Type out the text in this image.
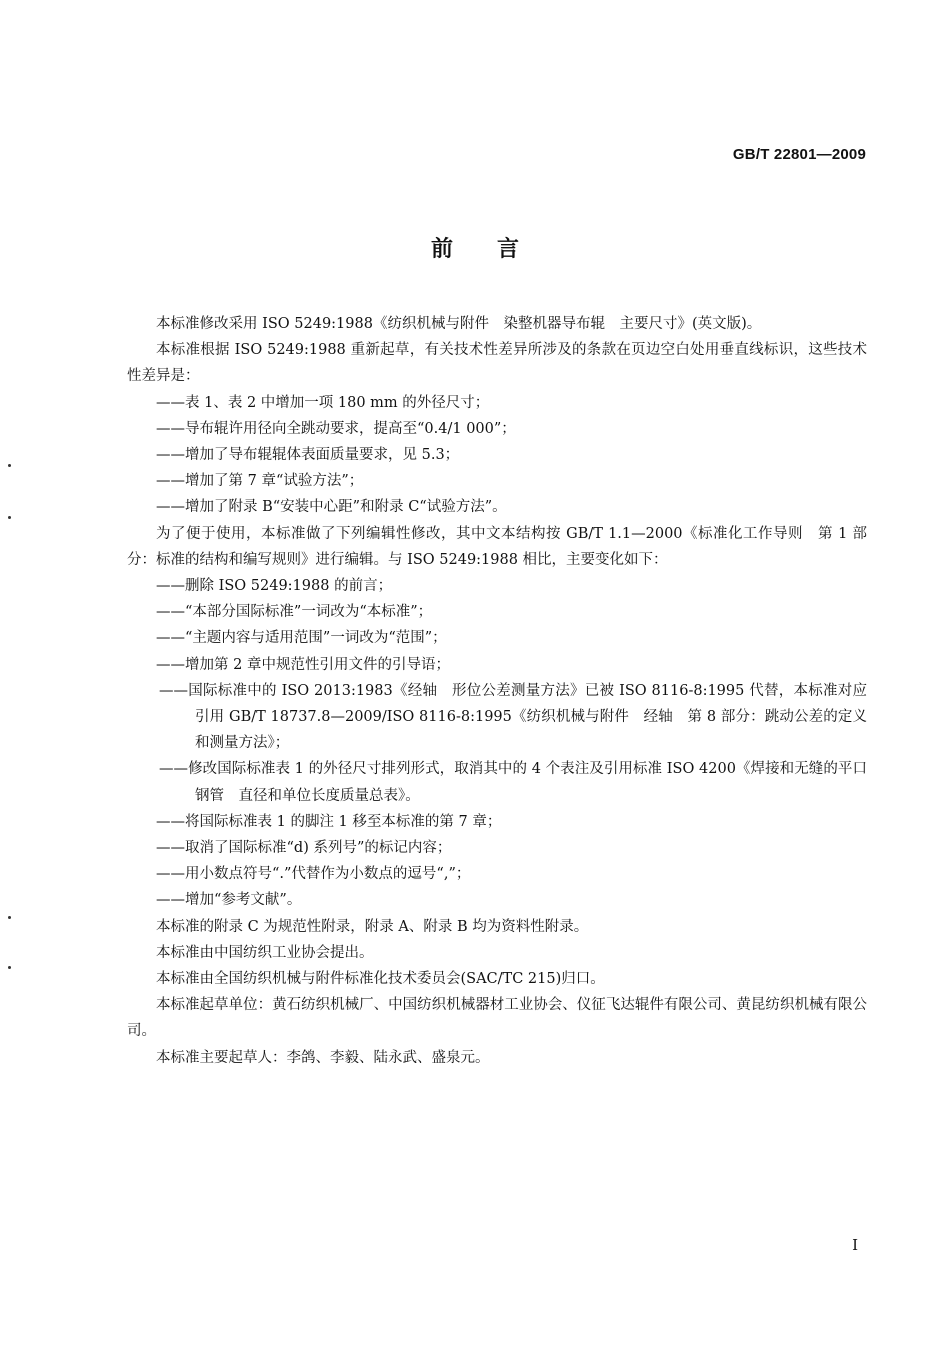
GB/T 22801—2009
前言

本标准修改采用 ISO 5249:1988《纺织机械与附件　染整机器导布辊　主要尺寸》(英文版)。

本标准根据 ISO 5249:1988 重新起草，有关技术性差异所涉及的条款在页边空白处用垂直线标识，这些技术性差异是：

——表 1、表 2 中增加一项 180 mm 的外径尺寸；

——导布辊许用径向全跳动要求，提高至“0.4/1 000”；

——增加了导布辊辊体表面质量要求，见 5.3；

——增加了第 7 章“试验方法”；

——增加了附录 B“安装中心距”和附录 C“试验方法”。

为了便于使用，本标准做了下列编辑性修改，其中文本结构按 GB/T 1.1—2000《标准化工作导则　第 1 部分：标准的结构和编写规则》进行编辑。与 ISO 5249:1988 相比，主要变化如下：

——删除 ISO 5249:1988 的前言；

——“本部分国际标准”一词改为“本标准”；

——“主题内容与适用范围”一词改为“范围”；

——增加第 2 章中规范性引用文件的引导语；

——国际标准中的 ISO 2013:1983《经轴　形位公差测量方法》已被 ISO 8116-8:1995 代替，本标准对应引用 GB/T 18737.8—2009/ISO 8116-8:1995《纺织机械与附件　经轴　第 8 部分：跳动公差的定义和测量方法》；

——修改国际标准表 1 的外径尺寸排列形式，取消其中的 4 个表注及引用标准 ISO 4200《焊接和无缝的平口钢管　直径和单位长度质量总表》。

——将国际标准表 1 的脚注 1 移至本标准的第 7 章；

——取消了国际标准“d) 系列号”的标记内容；

——用小数点符号“.”代替作为小数点的逗号“,”；

——增加“参考文献”。

本标准的附录 C 为规范性附录，附录 A、附录 B 均为资料性附录。

本标准由中国纺织工业协会提出。

本标准由全国纺织机械与附件标准化技术委员会(SAC/TC 215)归口。

本标准起草单位：黄石纺织机械厂、中国纺织机械器材工业协会、仪征飞达辊件有限公司、黄昆纺织机械有限公司。

本标准主要起草人：李鸽、李毅、陆永武、盛泉元。

I
